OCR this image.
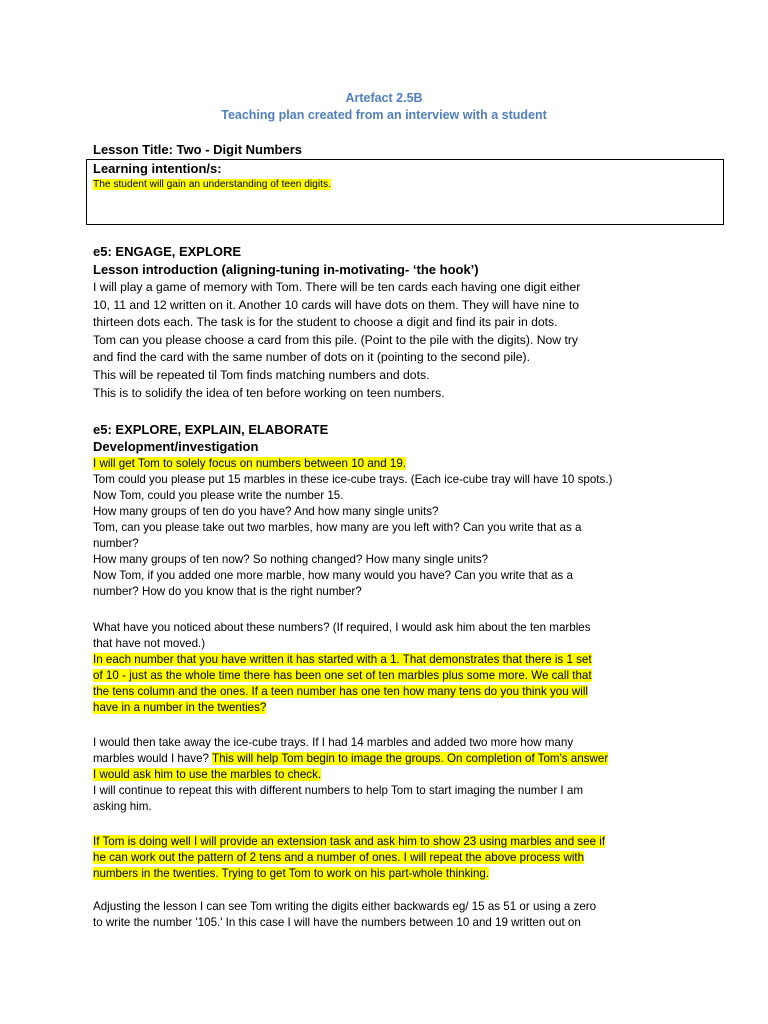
Artefact 2.5B
Teaching plan created from an interview with a student
Lesson Title: Two - Digit Numbers
Learning intention/s:
The student will gain an understanding of teen digits.
e5: ENGAGE, EXPLORE
Lesson introduction (aligning-tuning in-motivating- ‘the hook’)
I will play a game of memory with Tom. There will be ten cards each having one digit either
10, 11 and 12 written on it. Another 10 cards will have dots on them. They will have nine to
thirteen dots each. The task is for the student to choose a digit and find its pair in dots.
Tom can you please choose a card from this pile. (Point to the pile with the digits). Now try
and find the card with the same number of dots on it (pointing to the second pile).
This will be repeated til Tom finds matching numbers and dots.
This is to solidify the idea of ten before working on teen numbers.
e5: EXPLORE, EXPLAIN, ELABORATE
Development/investigation
I will get Tom to solely focus on numbers between 10 and 19.
Tom could you please put 15 marbles in these ice-cube trays. (Each ice-cube tray will have 10 spots.)
Now Tom, could you please write the number 15.
How many groups of ten do you have? And how many single units?
Tom, can you please take out two marbles, how many are you left with? Can you write that as a
number?
How many groups of ten now? So nothing changed? How many single units?
Now Tom, if you added one more marble, how many would you have? Can you write that as a
number? How do you know that is the right number?
What have you noticed about these numbers? (If required, I would ask him about the ten marbles
that have not moved.)
In each number that you have written it has started with a 1. That demonstrates that there is 1 set
of 10 - just as the whole time there has been one set of ten marbles plus some more. We call that
the tens column and the ones. If a teen number has one ten how many tens do you think you will
have in a number in the twenties?
I would then take away the ice-cube trays. If I had 14 marbles and added two more how many
marbles would I have? This will help Tom begin to image the groups. On completion of Tom's answer
I would ask him to use the marbles to check.
I will continue to repeat this with different numbers to help Tom to start imaging the number I am
asking him.
If Tom is doing well I will provide an extension task and ask him to show 23 using marbles and see if
he can work out the pattern of 2 tens and a number of ones. I will repeat the above process with
numbers in the twenties. Trying to get Tom to work on his part-whole thinking.
Adjusting the lesson I can see Tom writing the digits either backwards eg/ 15 as 51 or using a zero
to write the number '105.' In this case I will have the numbers between 10 and 19 written out on
